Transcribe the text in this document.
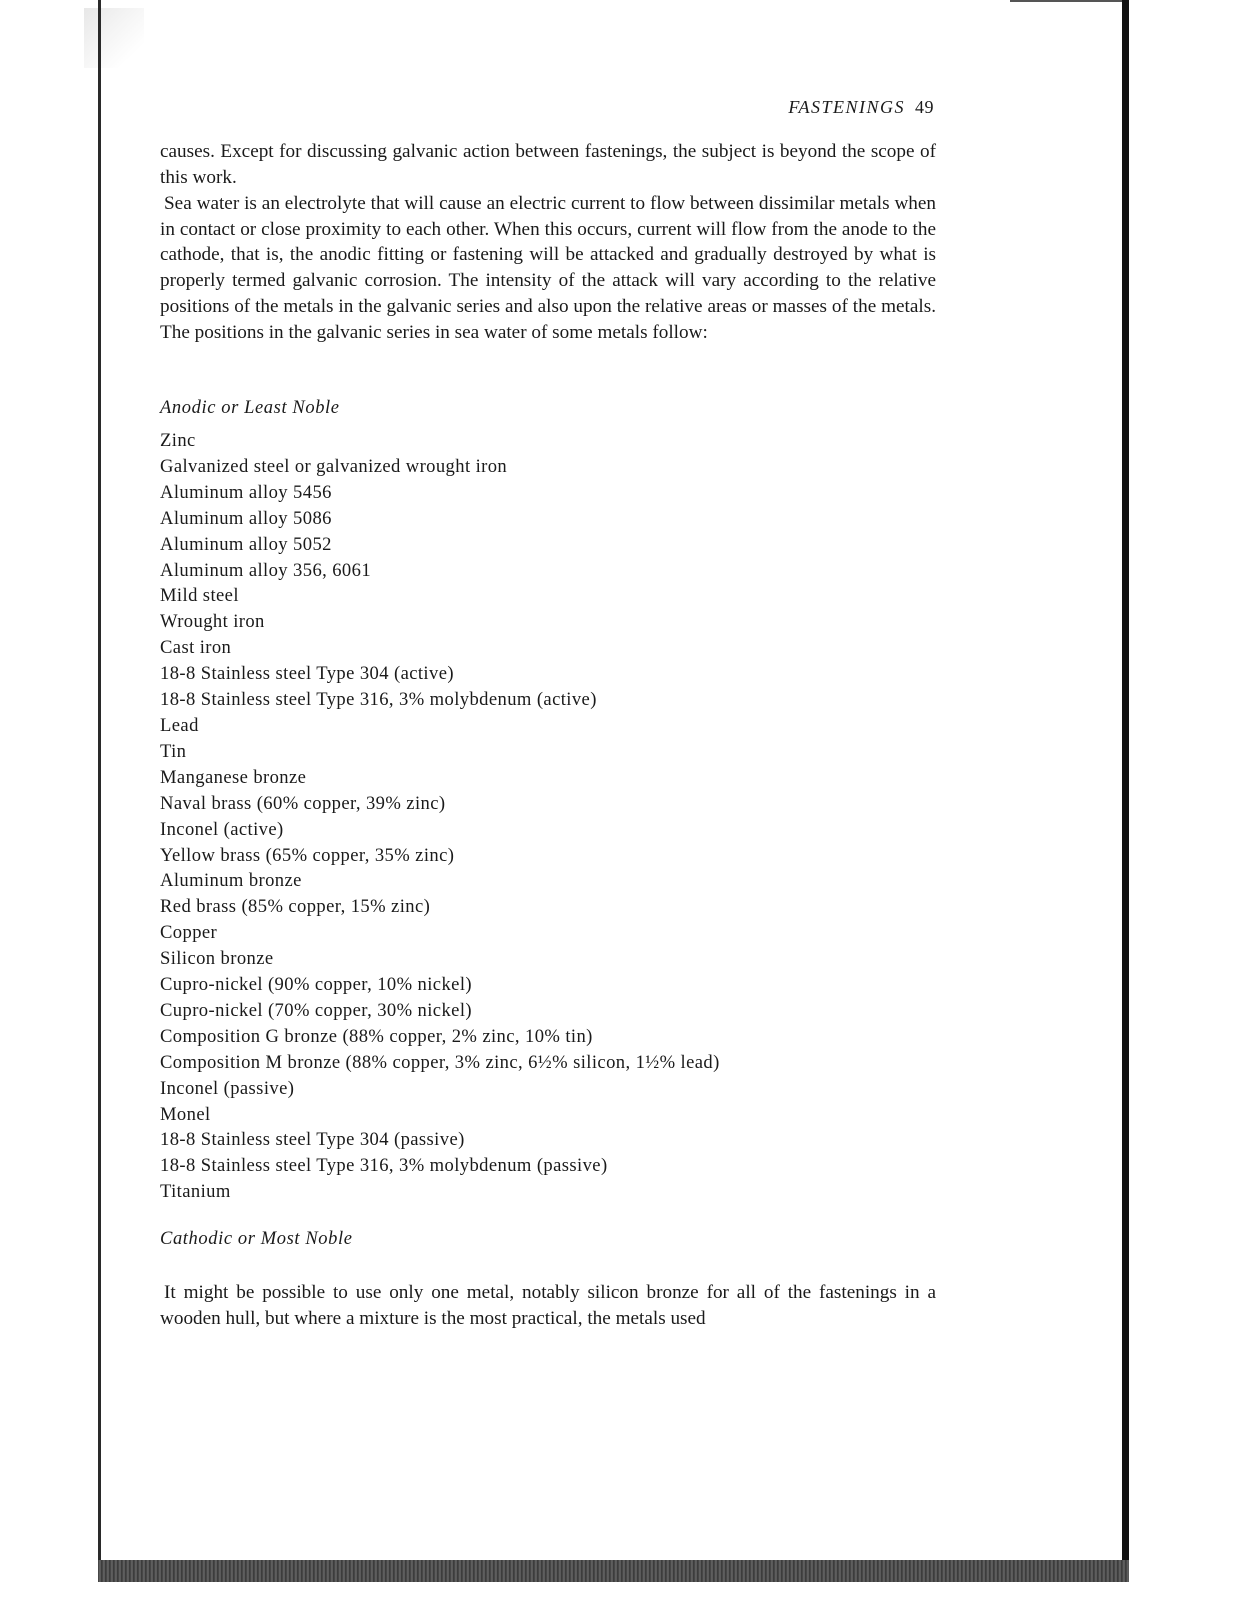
FASTENINGS 49

causes. Except for discussing galvanic action between fastenings, the subject is beyond the scope of this work.

Sea water is an electrolyte that will cause an electric current to flow between dissimilar metals when in contact or close proximity to each other. When this occurs, current will flow from the anode to the cathode, that is, the anodic fitting or fastening will be attacked and gradually destroyed by what is properly termed galvanic corrosion. The intensity of the attack will vary according to the relative positions of the metals in the galvanic series and also upon the relative areas or masses of the metals. The positions in the galvanic series in sea water of some metals follow:

Anodic or Least Noble
Zinc
Galvanized steel or galvanized wrought iron
Aluminum alloy 5456
Aluminum alloy 5086
Aluminum alloy 5052
Aluminum alloy 356, 6061
Mild steel
Wrought iron
Cast iron
18-8 Stainless steel Type 304 (active)
18-8 Stainless steel Type 316, 3% molybdenum (active)
Lead
Tin
Manganese bronze
Naval brass (60% copper, 39% zinc)
Inconel (active)
Yellow brass (65% copper, 35% zinc)
Aluminum bronze
Red brass (85% copper, 15% zinc)
Copper
Silicon bronze
Cupro-nickel (90% copper, 10% nickel)
Cupro-nickel (70% copper, 30% nickel)
Composition G bronze (88% copper, 2% zinc, 10% tin)
Composition M bronze (88% copper, 3% zinc, 6½% silicon, 1½% lead)
Inconel (passive)
Monel
18-8 Stainless steel Type 304 (passive)
18-8 Stainless steel Type 316, 3% molybdenum (passive)
Titanium
Cathodic or Most Noble

It might be possible to use only one metal, notably silicon bronze for all of the fastenings in a wooden hull, but where a mixture is the most practical, the metals used
